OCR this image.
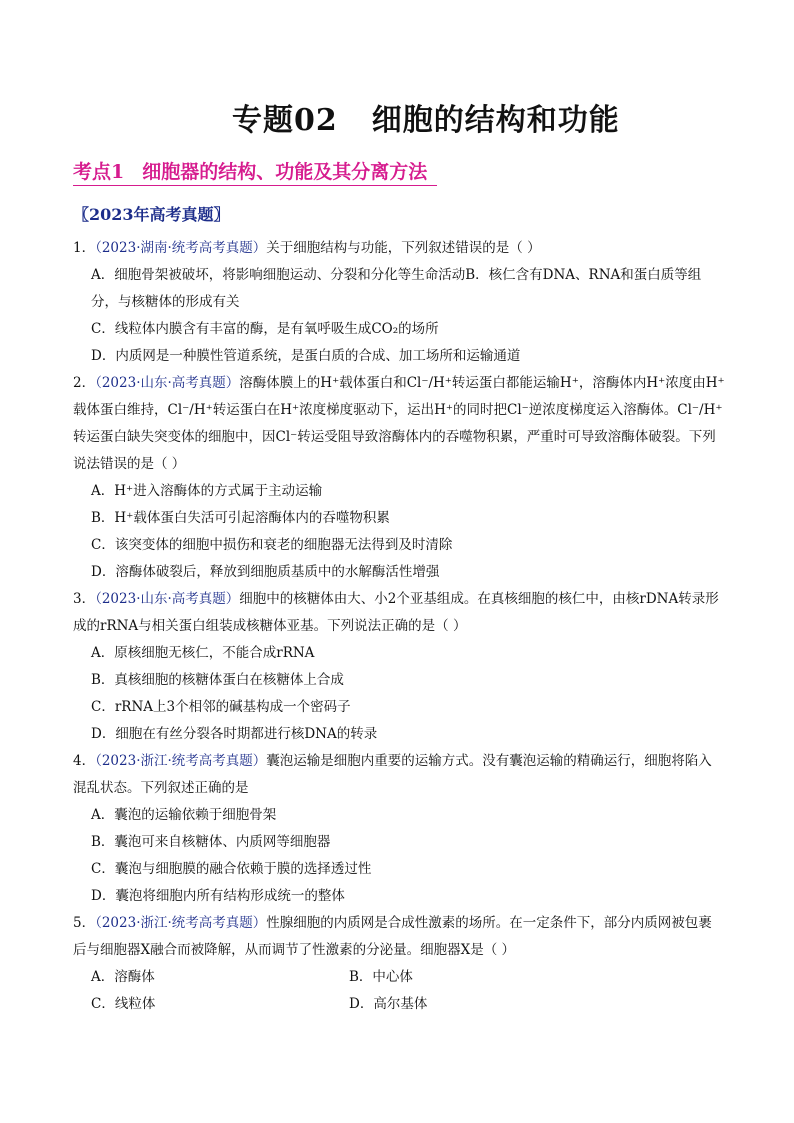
专题02 细胞的结构和功能
考点1 细胞器的结构、功能及其分离方法
〖2023年高考真题〗
1．（2023·湖南·统考高考真题）关于细胞结构与功能，下列叙述错误的是（ ）
A．细胞骨架被破坏，将影响细胞运动、分裂和分化等生命活动B．核仁含有DNA、RNA和蛋白质等组分，与核糖体的形成有关
C．线粒体内膜含有丰富的酶，是有氧呼吸生成CO₂的场所
D．内质网是一种膜性管道系统，是蛋白质的合成、加工场所和运输通道
2．（2023·山东·高考真题）溶酶体膜上的H⁺载体蛋白和Cl⁻/H⁺转运蛋白都能运输H⁺，溶酶体内H⁺浓度由H⁺载体蛋白维持，Cl⁻/H⁺转运蛋白在H⁺浓度梯度驱动下，运出H⁺的同时把Cl⁻逆浓度梯度运入溶酶体。Cl⁻/H⁺转运蛋白缺失突变体的细胞中，因Cl⁻转运受阻导致溶酶体内的吞噬物积累，严重时可导致溶酶体破裂。下列说法错误的是（ ）
A．H⁺进入溶酶体的方式属于主动运输
B．H⁺载体蛋白失活可引起溶酶体内的吞噬物积累
C．该突变体的细胞中损伤和衰老的细胞器无法得到及时清除
D．溶酶体破裂后，释放到细胞质基质中的水解酶活性增强
3．（2023·山东·高考真题）细胞中的核糖体由大、小2个亚基组成。在真核细胞的核仁中，由核rDNA转录形成的rRNA与相关蛋白组装成核糖体亚基。下列说法正确的是（ ）
A．原核细胞无核仁，不能合成rRNA
B．真核细胞的核糖体蛋白在核糖体上合成
C．rRNA上3个相邻的碱基构成一个密码子
D．细胞在有丝分裂各时期都进行核DNA的转录
4．（2023·浙江·统考高考真题）囊泡运输是细胞内重要的运输方式。没有囊泡运输的精确运行，细胞将陷入混乱状态。下列叙述正确的是
A．囊泡的运输依赖于细胞骨架
B．囊泡可来自核糖体、内质网等细胞器
C．囊泡与细胞膜的融合依赖于膜的选择透过性
D．囊泡将细胞内所有结构形成统一的整体
5．（2023·浙江·统考高考真题）性腺细胞的内质网是合成性激素的场所。在一定条件下，部分内质网被包裹后与细胞器X融合而被降解，从而调节了性激素的分泌量。细胞器X是（ ）
A．溶酶体	B．中心体
C．线粒体	D．高尔基体
